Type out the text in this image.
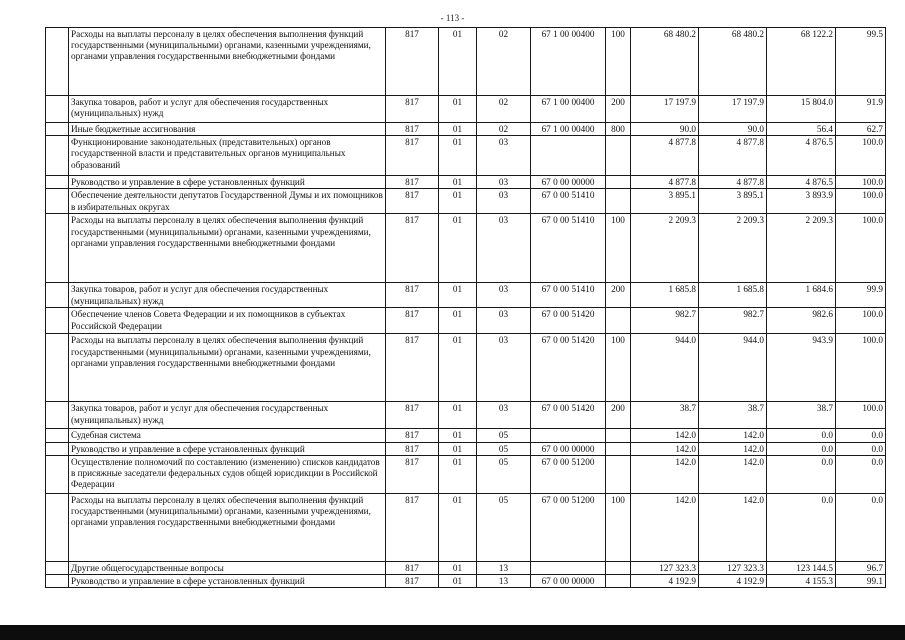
- 113 -
	Расходы на выплаты персоналу в целях обеспечения выполнения функций государственными (муниципальными) органами, казенными учреждениями, органами управления государственными внебюджетными фондами	817	01	02	67 1 00 00400	100	68 480.2	68 480.2	68 122.2	99.5
	Закупка товаров, работ и услуг для обеспечения государственных (муниципальных) нужд	817	01	02	67 1 00 00400	200	17 197.9	17 197.9	15 804.0	91.9
	Иные бюджетные ассигнования	817	01	02	67 1 00 00400	800	90.0	90.0	56.4	62.7
	Функционирование законодательных (представительных) органов государственной власти и представительных органов муниципальных образований	817	01	03			4 877.8	4 877.8	4 876.5	100.0
	Руководство и управление в сфере установленных функций	817	01	03	67 0 00 00000		4 877.8	4 877.8	4 876.5	100.0
	Обеспечение деятельности депутатов Государственной Думы и их помощников в избирательных округах	817	01	03	67 0 00 51410		3 895.1	3 895.1	3 893.9	100.0
	Расходы на выплаты персоналу в целях обеспечения выполнения функций государственными (муниципальными) органами, казенными учреждениями, органами управления государственными внебюджетными фондами	817	01	03	67 0 00 51410	100	2 209.3	2 209.3	2 209.3	100.0
	Закупка товаров, работ и услуг для обеспечения государственных (муниципальных) нужд	817	01	03	67 0 00 51410	200	1 685.8	1 685.8	1 684.6	99.9
	Обеспечение членов Совета Федерации и их помощников в субъектах Российской Федерации	817	01	03	67 0 00 51420		982.7	982.7	982.6	100.0
	Расходы на выплаты персоналу в целях обеспечения выполнения функций государственными (муниципальными) органами, казенными учреждениями, органами управления государственными внебюджетными фондами	817	01	03	67 0 00 51420	100	944.0	944.0	943.9	100.0
	Закупка товаров, работ и услуг для обеспечения государственных (муниципальных) нужд	817	01	03	67 0 00 51420	200	38.7	38.7	38.7	100.0
	Судебная система	817	01	05			142.0	142.0	0.0	0.0
	Руководство и управление в сфере установленных функций	817	01	05	67 0 00 00000		142.0	142.0	0.0	0.0
	Осуществление полномочий по составлению (изменению) списков кандидатов в присяжные заседатели федеральных судов общей юрисдикции в Российской Федерации	817	01	05	67 0 00 51200		142.0	142.0	0.0	0.0
	Расходы на выплаты персоналу в целях обеспечения выполнения функций государственными (муниципальными) органами, казенными учреждениями, органами управления государственными внебюджетными фондами	817	01	05	67 0 00 51200	100	142.0	142.0	0.0	0.0
	Другие общегосударственные вопросы	817	01	13			127 323.3	127 323.3	123 144.5	96.7
	Руководство и управление в сфере установленных функций	817	01	13	67 0 00 00000		4 192.9	4 192.9	4 155.3	99.1
